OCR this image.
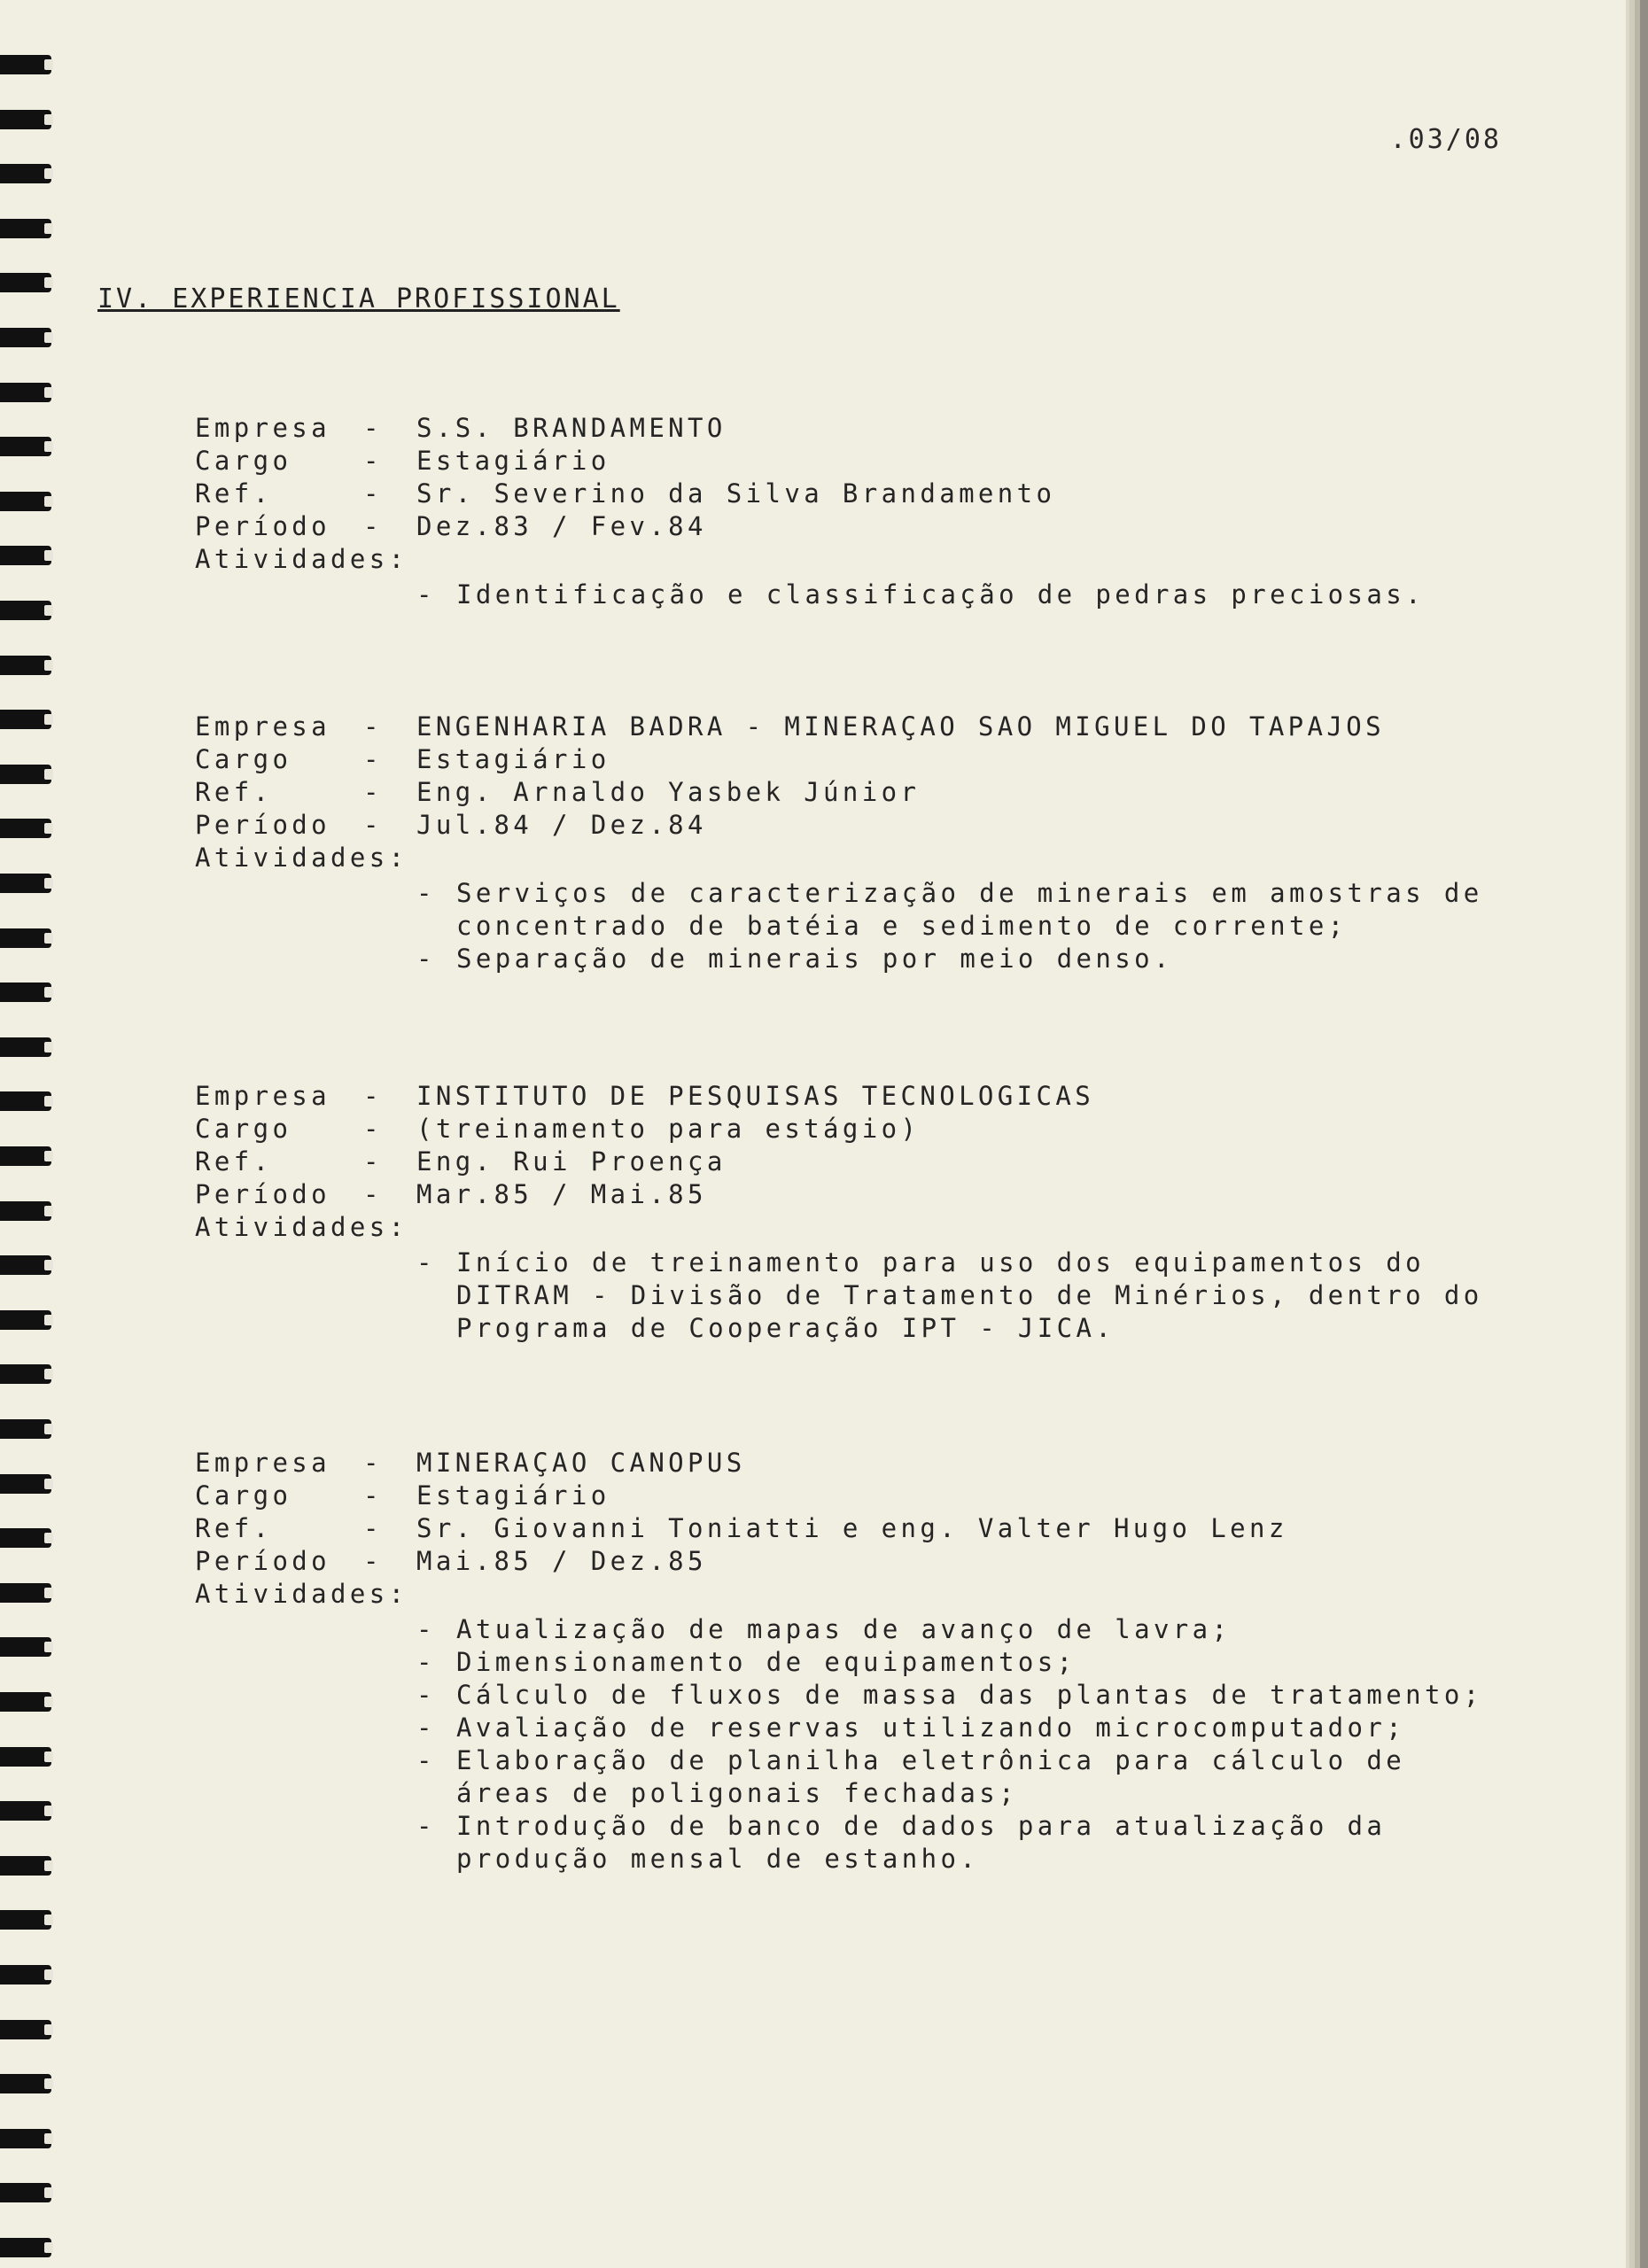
.03/08
IV. EXPERIENCIA PROFISSIONAL
Empresa	-	S.S. BRANDAMENTO
Cargo	-	Estagiário
Ref.	-	Sr. Severino da Silva Brandamento
Período	-	Dez.83 / Fev.84
Atividades:
- Identificação e classificação de pedras preciosas.
Empresa	-	ENGENHARIA BADRA - MINERAÇAO SAO MIGUEL DO TAPAJOS
Cargo	-	Estagiário
Ref.	-	Eng. Arnaldo Yasbek Júnior
Período	-	Jul.84 / Dez.84
Atividades:
- Serviços de caracterização de minerais em amostras de concentrado de batéia e sedimento de corrente;
- Separação de minerais por meio denso.
Empresa	-	INSTITUTO DE PESQUISAS TECNOLOGICAS
Cargo	-	(treinamento para estágio)
Ref.	-	Eng. Rui Proença
Período	-	Mar.85 / Mai.85
Atividades:
- Início de treinamento para uso dos equipamentos do DITRAM - Divisão de Tratamento de Minérios, dentro do Programa de Cooperação IPT - JICA.
Empresa	-	MINERAÇAO CANOPUS
Cargo	-	Estagiário
Ref.	-	Sr. Giovanni Toniatti e eng. Valter Hugo Lenz
Período	-	Mai.85 / Dez.85
Atividades:
- Atualização de mapas de avanço de lavra;
- Dimensionamento de equipamentos;
- Cálculo de fluxos de massa das plantas de tratamento;
- Avaliação de reservas utilizando microcomputador;
- Elaboração de planilha eletrônica para cálculo de áreas de poligonais fechadas;
- Introdução de banco de dados para atualização da produção mensal de estanho.
